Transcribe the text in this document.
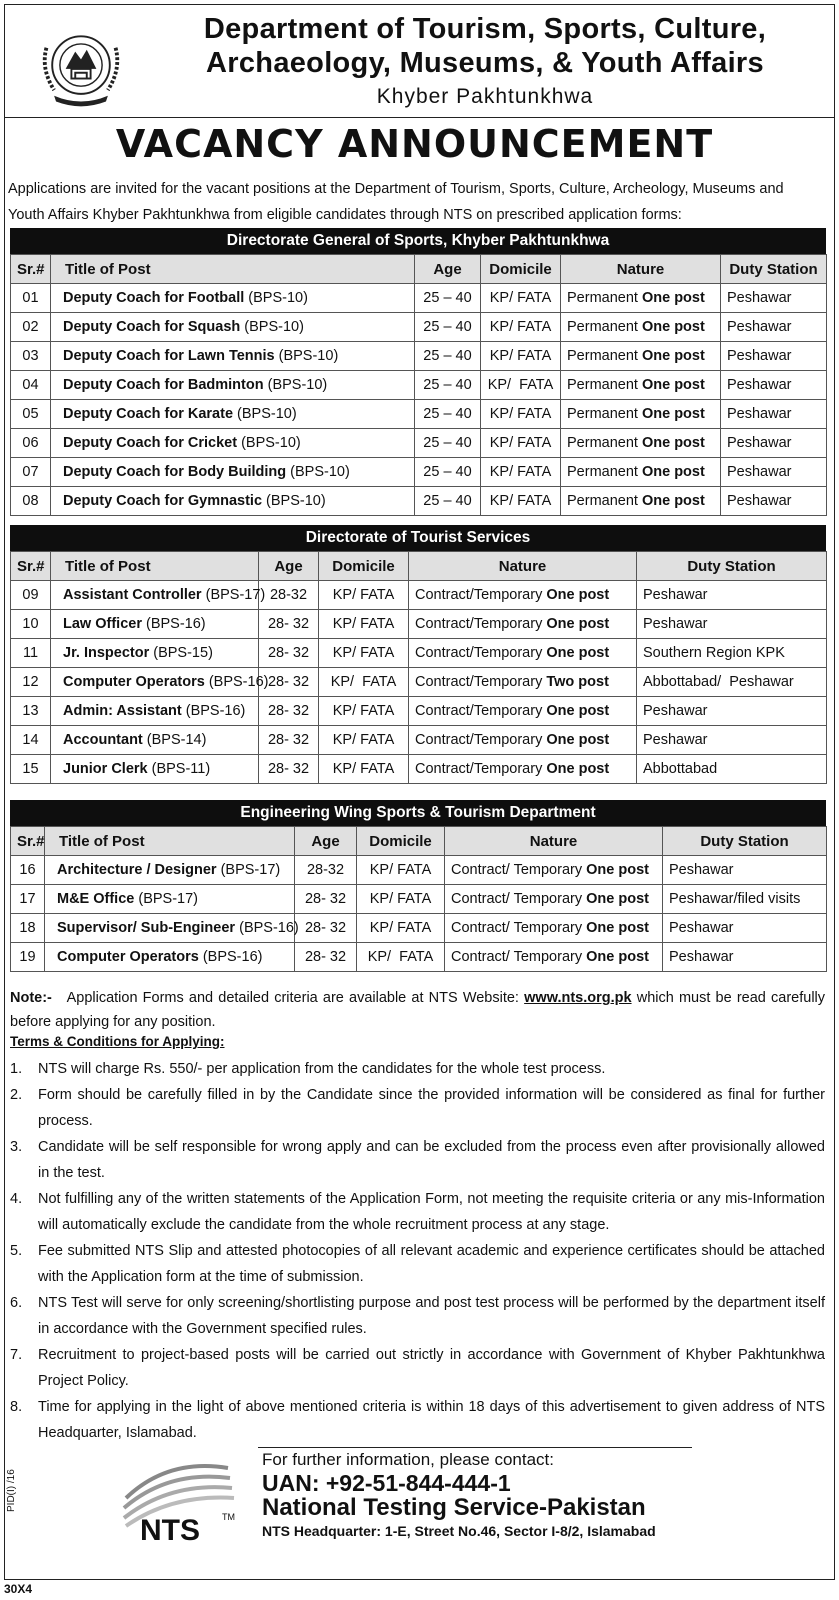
Department of Tourism, Sports, Culture,
Archaeology, Museums, & Youth Affairs
Khyber Pakhtunkhwa
VACANCY ANNOUNCEMENT
Applications are invited for the vacant positions at the Department of Tourism, Sports, Culture, Archeology, Museums and Youth Affairs Khyber Pakhtunkhwa from eligible candidates through NTS on prescribed application forms:
Directorate General of Sports, Khyber Pakhtunkhwa
Sr.#	Title of Post	Age	Domicile	Nature	Duty Station
01	Deputy Coach for Football (BPS-10)	25 – 40	KP/ FATA	Permanent One post	Peshawar
02	Deputy Coach for Squash (BPS-10)	25 – 40	KP/ FATA	Permanent One post	Peshawar
03	Deputy Coach for Lawn Tennis (BPS-10)	25 – 40	KP/ FATA	Permanent One post	Peshawar
04	Deputy Coach for Badminton (BPS-10)	25 – 40	KP/  FATA	Permanent One post	Peshawar
05	Deputy Coach for Karate (BPS-10)	25 – 40	KP/ FATA	Permanent One post	Peshawar
06	Deputy Coach for Cricket (BPS-10)	25 – 40	KP/ FATA	Permanent One post	Peshawar
07	Deputy Coach for Body Building (BPS-10)	25 – 40	KP/ FATA	Permanent One post	Peshawar
08	Deputy Coach for Gymnastic (BPS-10)	25 – 40	KP/ FATA	Permanent One post	Peshawar
Directorate of Tourist Services
Sr.#	Title of Post	Age	Domicile	Nature	Duty Station
09	Assistant Controller (BPS-17)	28-32	KP/ FATA	Contract/Temporary One post	Peshawar
10	Law Officer (BPS-16)	28- 32	KP/ FATA	Contract/Temporary One post	Peshawar
11	Jr. Inspector (BPS-15)	28- 32	KP/ FATA	Contract/Temporary One post	Southern Region KPK
12	Computer Operators (BPS-16)	28- 32	KP/  FATA	Contract/Temporary Two post	Abbottabad/  Peshawar
13	Admin: Assistant (BPS-16)	28- 32	KP/ FATA	Contract/Temporary One post	Peshawar
14	Accountant (BPS-14)	28- 32	KP/ FATA	Contract/Temporary One post	Peshawar
15	Junior Clerk (BPS-11)	28- 32	KP/ FATA	Contract/Temporary One post	Abbottabad
Engineering Wing Sports & Tourism Department
Sr.#	Title of Post	Age	Domicile	Nature	Duty Station
16	Architecture / Designer (BPS-17)	28-32	KP/ FATA	Contract/ Temporary One post	Peshawar
17	M&E Office (BPS-17)	28- 32	KP/ FATA	Contract/ Temporary One post	Peshawar/filed visits
18	Supervisor/ Sub-Engineer (BPS-16)	28- 32	KP/ FATA	Contract/ Temporary One post	Peshawar
19	Computer Operators (BPS-16)	28- 32	KP/  FATA	Contract/ Temporary One post	Peshawar
Note:- Application Forms and detailed criteria are available at NTS Website: www.nts.org.pk which must be read carefully before applying for any position.
Terms & Conditions for Applying:
1. NTS will charge Rs. 550/- per application from the candidates for the whole test process.
2. Form should be carefully filled in by the Candidate since the provided information will be considered as final for further process.
3. Candidate will be self responsible for wrong apply and can be excluded from the process even after provisionally allowed in the test.
4. Not fulfilling any of the written statements of the Application Form, not meeting the requisite criteria or any mis-Information will automatically exclude the candidate from the whole recruitment process at any stage.
5. Fee submitted NTS Slip and attested photocopies of all relevant academic and experience certificates should be attached with the Application form at the time of submission.
6. NTS Test will serve for only screening/shortlisting purpose and post test process will be performed by the department itself in accordance with the Government specified rules.
7. Recruitment to project-based posts will be carried out strictly in accordance with Government of Khyber Pakhtunkhwa Project Policy.
8. Time for applying in the light of above mentioned criteria is within 18 days of this advertisement to given address of NTS Headquarter, Islamabad.
NTS TM
For further information, please contact:
UAN: +92-51-844-444-1
National Testing Service-Pakistan
NTS Headquarter: 1-E, Street No.46, Sector I-8/2, Islamabad
PID(I) /16
30X4
